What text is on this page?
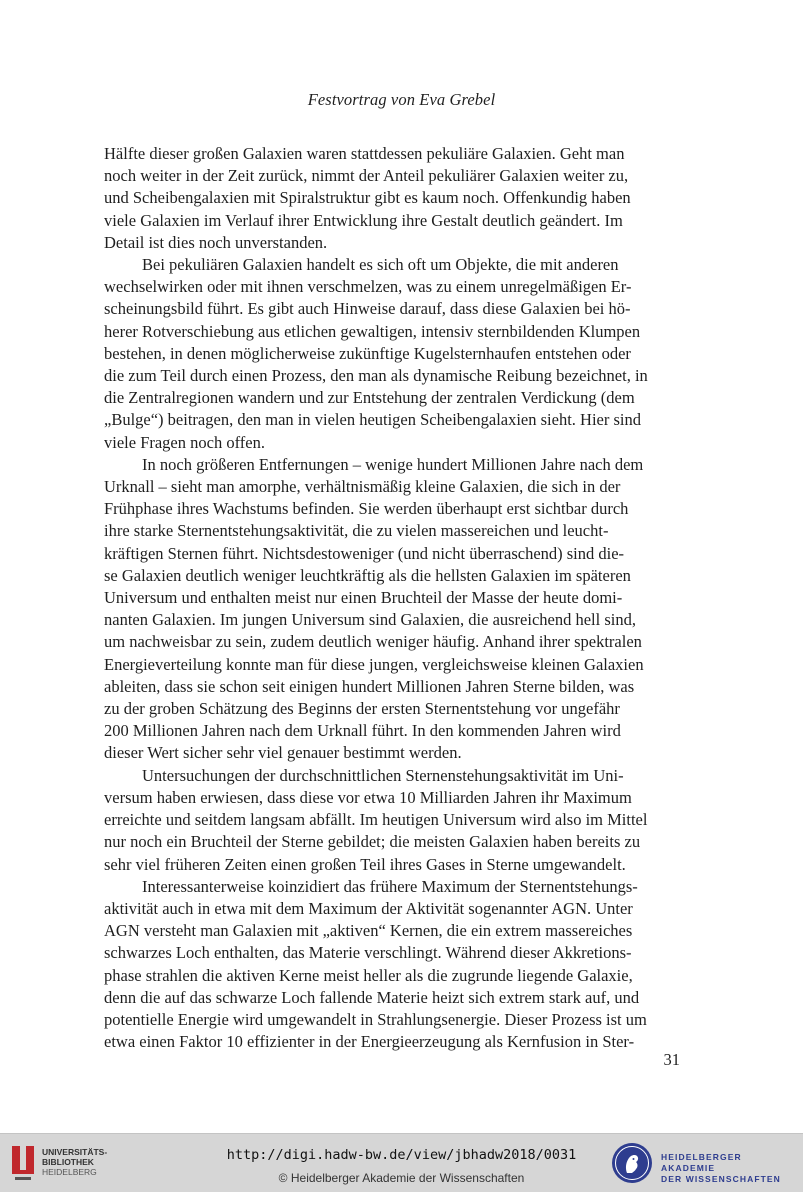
Festvortrag von Eva Grebel

Hälfte dieser großen Galaxien waren stattdessen pekuliäre Galaxien. Geht man
noch weiter in der Zeit zurück, nimmt der Anteil pekuliärer Galaxien weiter zu,
und Scheibengalaxien mit Spiralstruktur gibt es kaum noch. Offenkundig haben
viele Galaxien im Verlauf ihrer Entwicklung ihre Gestalt deutlich geändert. Im
Detail ist dies noch unverstanden.

Bei pekuliären Galaxien handelt es sich oft um Objekte, die mit anderen
wechselwirken oder mit ihnen verschmelzen, was zu einem unregelmäßigen Er-
scheinungsbild führt. Es gibt auch Hinweise darauf, dass diese Galaxien bei hö-
herer Rotverschiebung aus etlichen gewaltigen, intensiv sternbildenden Klumpen
bestehen, in denen möglicherweise zukünftige Kugelsternhaufen entstehen oder
die zum Teil durch einen Prozess, den man als dynamische Reibung bezeichnet, in
die Zentralregionen wandern und zur Entstehung der zentralen Verdickung (dem
„Bulge“) beitragen, den man in vielen heutigen Scheibengalaxien sieht. Hier sind
viele Fragen noch offen.

In noch größeren Entfernungen – wenige hundert Millionen Jahre nach dem
Urknall – sieht man amorphe, verhältnismäßig kleine Galaxien, die sich in der
Frühphase ihres Wachstums befinden. Sie werden überhaupt erst sichtbar durch
ihre starke Sternentstehungsaktivität, die zu vielen massereichen und leucht-
kräftigen Sternen führt. Nichtsdestoweniger (und nicht überraschend) sind die-
se Galaxien deutlich weniger leuchtkräftig als die hellsten Galaxien im späteren
Universum und enthalten meist nur einen Bruchteil der Masse der heute domi-
nanten Galaxien. Im jungen Universum sind Galaxien, die ausreichend hell sind,
um nachweisbar zu sein, zudem deutlich weniger häufig. Anhand ihrer spektralen
Energieverteilung konnte man für diese jungen, vergleichsweise kleinen Galaxien
ableiten, dass sie schon seit einigen hundert Millionen Jahren Sterne bilden, was
zu der groben Schätzung des Beginns der ersten Sternentstehung vor ungefähr
200 Millionen Jahren nach dem Urknall führt. In den kommenden Jahren wird
dieser Wert sicher sehr viel genauer bestimmt werden.

Untersuchungen der durchschnittlichen Sternenstehungsaktivität im Uni-
versum haben erwiesen, dass diese vor etwa 10 Milliarden Jahren ihr Maximum
erreichte und seitdem langsam abfällt. Im heutigen Universum wird also im Mittel
nur noch ein Bruchteil der Sterne gebildet; die meisten Galaxien haben bereits zu
sehr viel früheren Zeiten einen großen Teil ihres Gases in Sterne umgewandelt.

Interessanterweise koinzidiert das frühere Maximum der Sternentstehungs-
aktivität auch in etwa mit dem Maximum der Aktivität sogenannter AGN. Unter
AGN versteht man Galaxien mit „aktiven“ Kernen, die ein extrem massereiches
schwarzes Loch enthalten, das Materie verschlingt. Während dieser Akkretions-
phase strahlen die aktiven Kerne meist heller als die zugrunde liegende Galaxie,
denn die auf das schwarze Loch fallende Materie heizt sich extrem stark auf, und
potentielle Energie wird umgewandelt in Strahlungsenergie. Dieser Prozess ist um
etwa einen Faktor 10 effizienter in der Energieerzeugung als Kernfusion in Ster-

31
UNIVERSITÄTS-
BIBLIOTHEK
HEIDELBERG
http://digi.hadw-bw.de/view/jbhadw2018/0031
© Heidelberger Akademie der Wissenschaften
HEIDELBERGER AKADEMIE
DER WISSENSCHAFTEN
